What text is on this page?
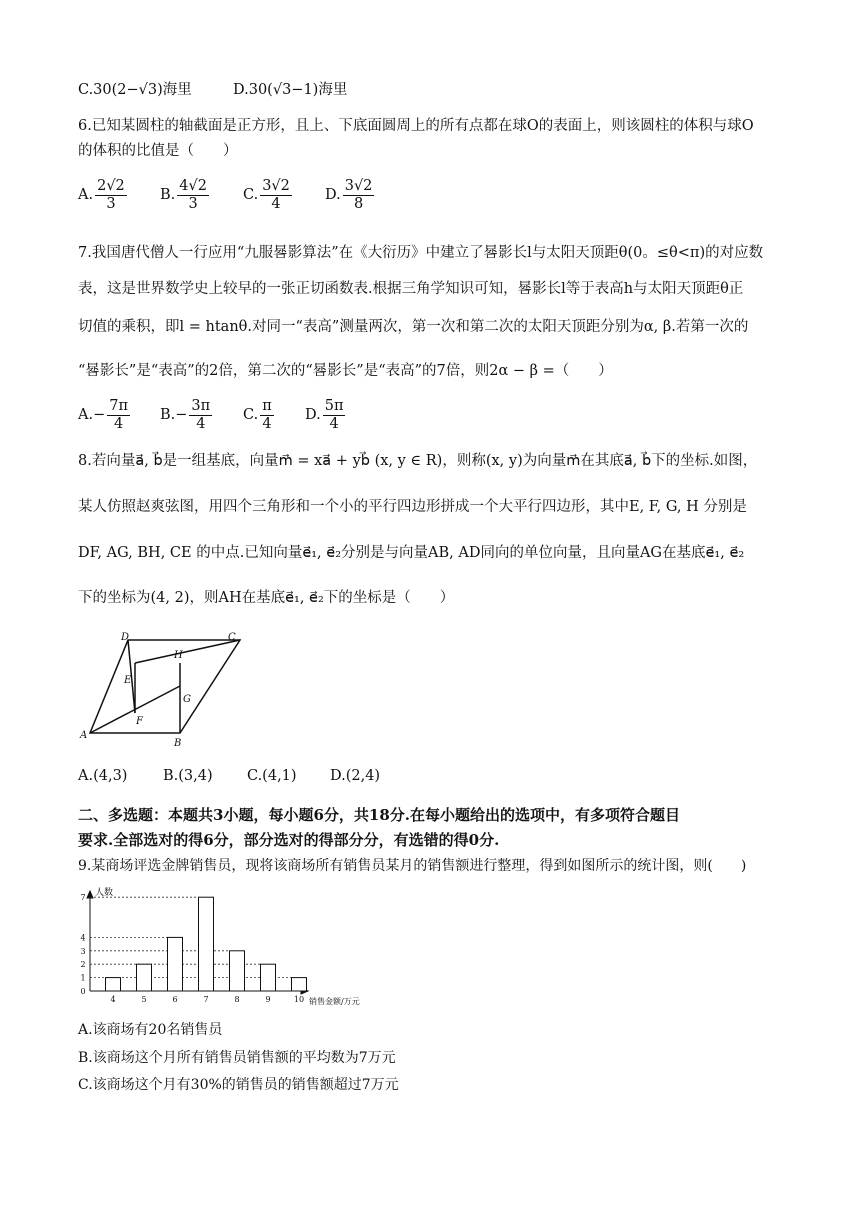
C.30(2−√3)海里	D.30(√3−1)海里
6.已知某圆柱的轴截面是正方形，且上、下底面圆周上的所有点都在球O的表面上，则该圆柱的体积与球O
的体积的比值是（　　）
A. $\frac{2√2}{3} B$. $\frac{4√2}{3} C$. $\frac{3√2}{4} D$. $\frac{3√2}{8}$
7.我国唐代僧人一行应用“九服晷影算法”在《大衍历》中建立了晷影长l与太阳天顶距θ(0。≤θ<π)的对应数
表，这是世界数学史上较早的一张正切函数表.根据三角学知识可知，晷影长l等于表高h与太阳天顶距θ正
切值的乘积，即l = htanθ.对同一“表高”测量两次，第一次和第二次的太阳天顶距分别为α, β.若第一次的
“晷影长”是“表高”的2倍，第二次的“晷影长”是“表高”的7倍，则2α − β =（　　）
$A.- \frac{7\pi}{4} B.- \frac{3\pi}{4} C$. $\frac{\pi}{4} D$. $\frac{5\pi}{4}$
8.若向量a⃗, b⃗是一组基底，向量m⃗ = xa⃗ + yb⃗ (x, y ∈ R)，则称(x, y)为向量m⃗在其底a⃗, b⃗下的坐标.如图，
某人仿照赵爽弦图，用四个三角形和一个小的平行四边形拼成一个大平行四边形，其中E, F, G, H 分别是
DF, AG, BH, CE 的中点.已知向量e⃗₁, e⃗₂分别是与向量AB, AD同向的单位向量，且向量AG在基底e⃗₁, e⃗₂
下的坐标为(4, 2)，则AH在基底e⃗₁, e⃗₂下的坐标是（　　）
D	C
H
E
G
F
A
B
A.(4,3) B.(3,4) C.(4,1) D.(2,4)
二、多选题：本题共3小题，每小题6分，共18分.在每小题给出的选项中，有多项符合题目
要求.全部选对的得6分，部分选对的得部分分，有选错的得0分.
9.某商场评选金牌销售员，现将该商场所有销售员某月的销售额进行整理，得到如图所示的统计图，则(　　)
人数
销售金额/万元
0
1
2
3
4
7
4	5	6	7	8	9	10
A.该商场有20名销售员
B.该商场这个月所有销售员销售额的平均数为7万元
C.该商场这个月有30%的销售员的销售额超过7万元
